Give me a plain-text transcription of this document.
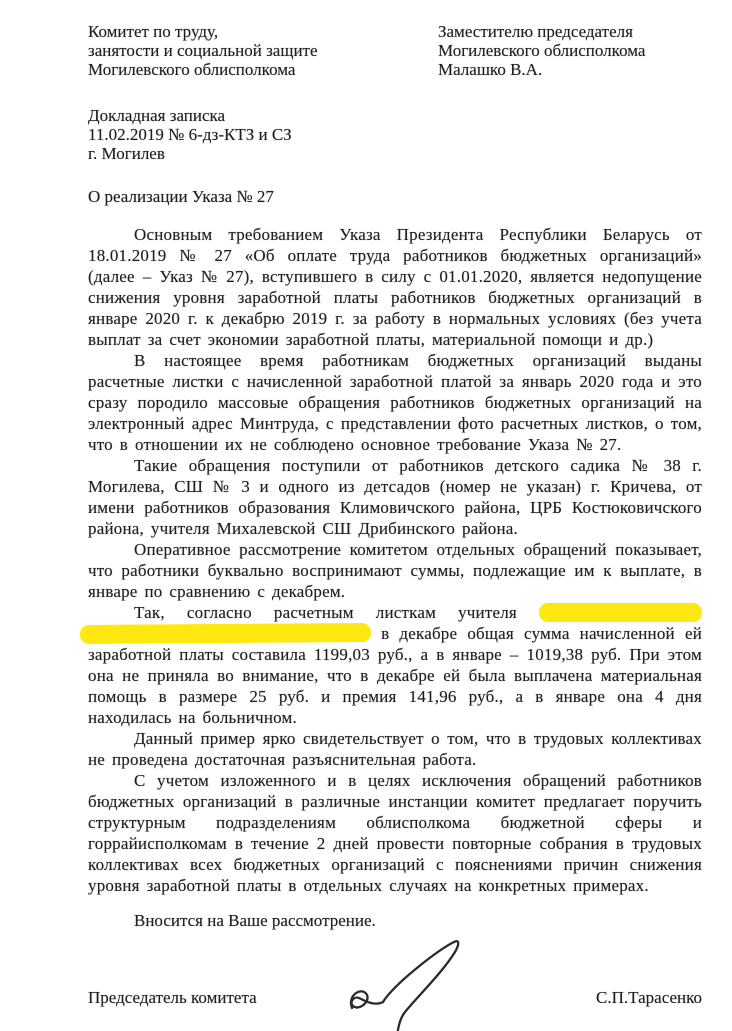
Комитет по труду,
занятости и социальной защите
Могилевского облисполкома
Заместителю председателя
Могилевского облисполкома
Малашко В.А.
Докладная записка
11.02.2019 № 6-дз-КТЗ и СЗ
г. Могилев
О реализации Указа № 27

Основным требованием Указа Президента Республики Беларусь от 18.01.2019 № 27 «Об оплате труда работников бюджетных организаций» (далее – Указ № 27), вступившего в силу с 01.01.2020, является недопущение снижения уровня заработной платы работников бюджетных организаций в январе 2020 г. к декабрю 2019 г. за работу в нормальных условиях (без учета выплат за счет экономии заработной платы, материальной помощи и др.)

В настоящее время работникам бюджетных организаций выданы расчетные листки с начисленной заработной платой за январь 2020 года и это сразу породило массовые обращения работников бюджетных организаций на электронный адрес Минтруда, с представлении фото расчетных листков, о том, что в отношении их не соблюдено основное требование Указа № 27.

Такие обращения поступили от работников детского садика № 38 г. Могилева, СШ № 3 и одного из детсадов (номер не указан) г. Кричева, от имени работников образования Климовичского района, ЦРБ Костюковичского района, учителя Михалевской СШ Дрибинского района.

Оперативное рассмотрение комитетом отдельных обращений показывает, что работники буквально воспринимают суммы, подлежащие им к выплате, в январе по сравнению с декабрем.

Так, согласно расчетным листкам учителя   в декабре общая сумма начисленной ей заработной платы составила 1199,03 руб., а в январе – 1019,38 руб. При этом она не приняла во внимание, что в декабре ей была выплачена материальная помощь в размере 25 руб. и премия 141,96 руб., а в январе она 4 дня находилась на больничном.

Данный пример ярко свидетельствует о том, что в трудовых коллективах не проведена достаточная разъяснительная работа.

С учетом изложенного и в целях исключения обращений работников бюджетных организаций в различные инстанции комитет предлагает поручить структурным подразделениям облисполкома бюджетной сферы и горрайисполкомам в течение 2 дней провести повторные собрания в трудовых коллективах всех бюджетных организаций с пояснениями причин снижения уровня заработной платы в отдельных случаях на конкретных примерах.

Вносится на Ваше рассмотрение.
Председатель комитета	С.П.Тарасенко
